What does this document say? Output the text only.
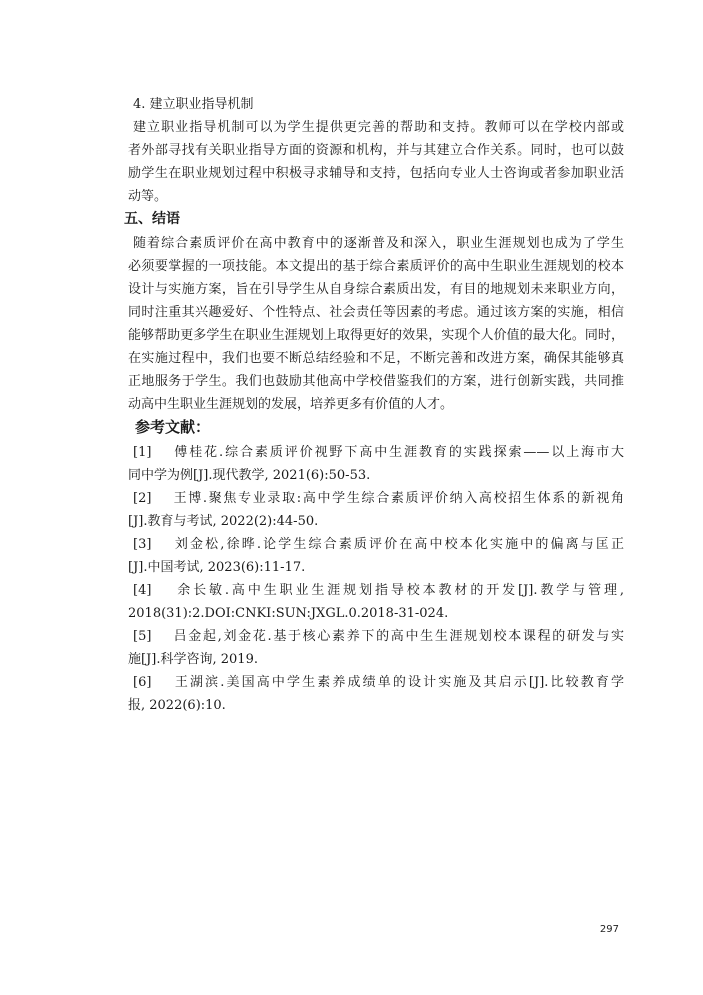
4. 建立职业指导机制
建立职业指导机制可以为学生提供更完善的帮助和支持。教师可以在学校内部或
者外部寻找有关职业指导方面的资源和机构，并与其建立合作关系。同时，也可以鼓
励学生在职业规划过程中积极寻求辅导和支持，包括向专业人士咨询或者参加职业活
动等。
五、结语
随着综合素质评价在高中教育中的逐渐普及和深入，职业生涯规划也成为了学生
必须要掌握的一项技能。本文提出的基于综合素质评价的高中生职业生涯规划的校本
设计与实施方案，旨在引导学生从自身综合素质出发，有目的地规划未来职业方向，
同时注重其兴趣爱好、个性特点、社会责任等因素的考虑。通过该方案的实施，相信
能够帮助更多学生在职业生涯规划上取得更好的效果，实现个人价值的最大化。同时，
在实施过程中，我们也要不断总结经验和不足，不断完善和改进方案，确保其能够真
正地服务于学生。我们也鼓励其他高中学校借鉴我们的方案，进行创新实践，共同推
动高中生职业生涯规划的发展，培养更多有价值的人才。
参考文献：
[1]　 傅桂花.综合素质评价视野下高中生涯教育的实践探索——以上海市大
同中学为例[J].现代教学, 2021(6):50-53.
[2]　 王博.聚焦专业录取:高中学生综合素质评价纳入高校招生体系的新视角
[J].教育与考试, 2022(2):44-50.
[3]　 刘金松,徐晔.论学生综合素质评价在高中校本化实施中的偏离与匡正
[J].中国考试, 2023(6):11-17.
[4]　 余长敏.高中生职业生涯规划指导校本教材的开发[J].教学与管理,
2018(31):2.DOI:CNKI:SUN:JXGL.0.2018-31-024.
[5]　 吕金起,刘金花.基于核心素养下的高中生生涯规划校本课程的研发与实
施[J].科学咨询, 2019.
[6]　 王湖滨.美国高中学生素养成绩单的设计实施及其启示[J].比较教育学
报, 2022(6):10.
297
